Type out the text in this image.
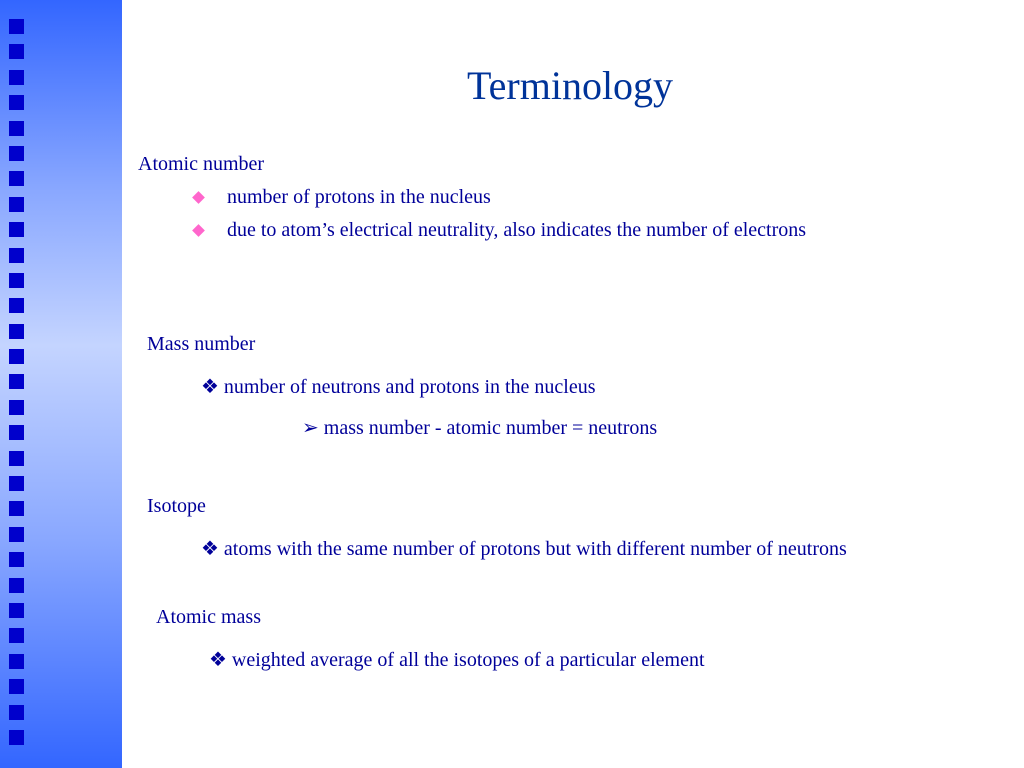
Terminology
Atomic number
number of protons in the nucleus
due to atom’s electrical neutrality, also indicates the number of electrons
Mass number
❖ number of neutrons and protons in the nucleus
➢ mass number - atomic number = neutrons
Isotope
❖ atoms with the same number of protons but with different number of neutrons
Atomic mass
❖ weighted average of all the isotopes of a particular element
